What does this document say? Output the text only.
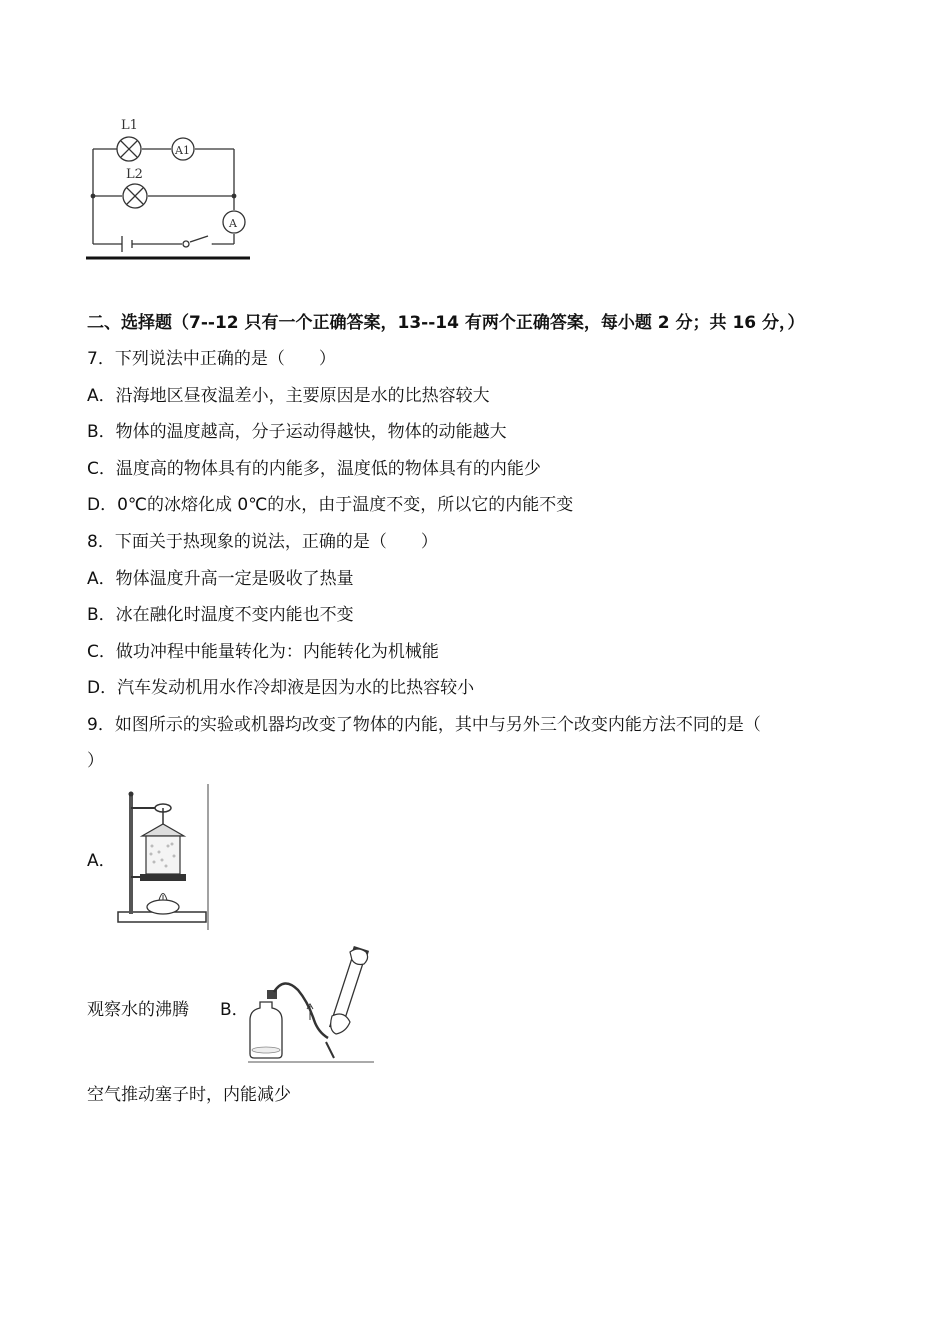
L1
A1
L2
A
二、选择题（7--12 只有一个正确答案，13--14 有两个正确答案，每小题 2 分；共 16 分，）
7．下列说法中正确的是（　　）
A．沿海地区昼夜温差小，主要原因是水的比热容较大
B．物体的温度越高，分子运动得越快，物体的动能越大
C．温度高的物体具有的内能多，温度低的物体具有的内能少
D．0℃的冰熔化成 0℃的水，由于温度不变，所以它的内能不变
8．下面关于热现象的说法，正确的是（　　）
A．物体温度升高一定是吸收了热量
B．冰在融化时温度不变内能也不变
C．做功冲程中能量转化为：内能转化为机械能
D．汽车发动机用水作冷却液是因为水的比热容较小
9．如图所示的实验或机器均改变了物体的内能，其中与另外三个改变内能方法不同的是（
）
A．
观察水的沸腾 B．
空气推动塞子时，内能减少
